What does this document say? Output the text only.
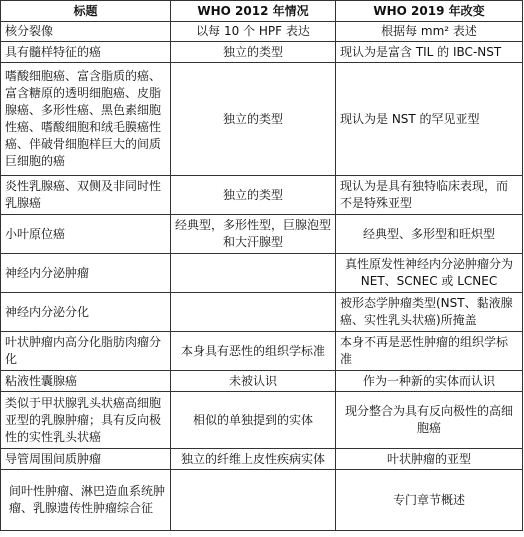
标题	WHO 2012 年情况	WHO 2019 年改变
核分裂像	以每 10 个 HPF 表达	根据每 mm² 表述
具有髓样特征的癌	独立的类型	现认为是富含 TIL 的 IBC-NST
嗜酸细胞癌、富含脂质的癌、富含糖原的透明细胞癌、皮脂腺癌、多形性癌、黑色素细胞性癌、嗜酸细胞和绒毛膜癌性癌、伴破骨细胞样巨大的间质巨细胞的癌	独立的类型	现认为是 NST 的罕见亚型
炎性乳腺癌、双侧及非同时性乳腺癌	独立的类型	现认为是具有独特临床表现，而不是特殊亚型
小叶原位癌	经典型，多形性型，巨腺泡型和大汗腺型	经典型、多形型和旺炽型
神经内分泌肿瘤		真性原发性神经内分泌肿瘤分为 NET、SCNEC 或 LCNEC
神经内分泌分化		被形态学肿瘤类型(NST、黏液腺癌、实性乳头状癌)所掩盖
叶状肿瘤内高分化脂肪肉瘤分化	本身具有恶性的组织学标准	本身不再是恶性肿瘤的组织学标准
粘液性囊腺癌	未被认识	作为一种新的实体而认识
类似于甲状腺乳头状癌高细胞亚型的乳腺肿瘤；具有反向极性的实性乳头状癌	相似的单独提到的实体	现分整合为具有反向极性的高细胞癌
导管周围间质肿瘤	独立的纤维上皮性疾病实体	叶状肿瘤的亚型
间叶性肿瘤、淋巴造血系统肿瘤、乳腺遗传性肿瘤综合征		专门章节概述
